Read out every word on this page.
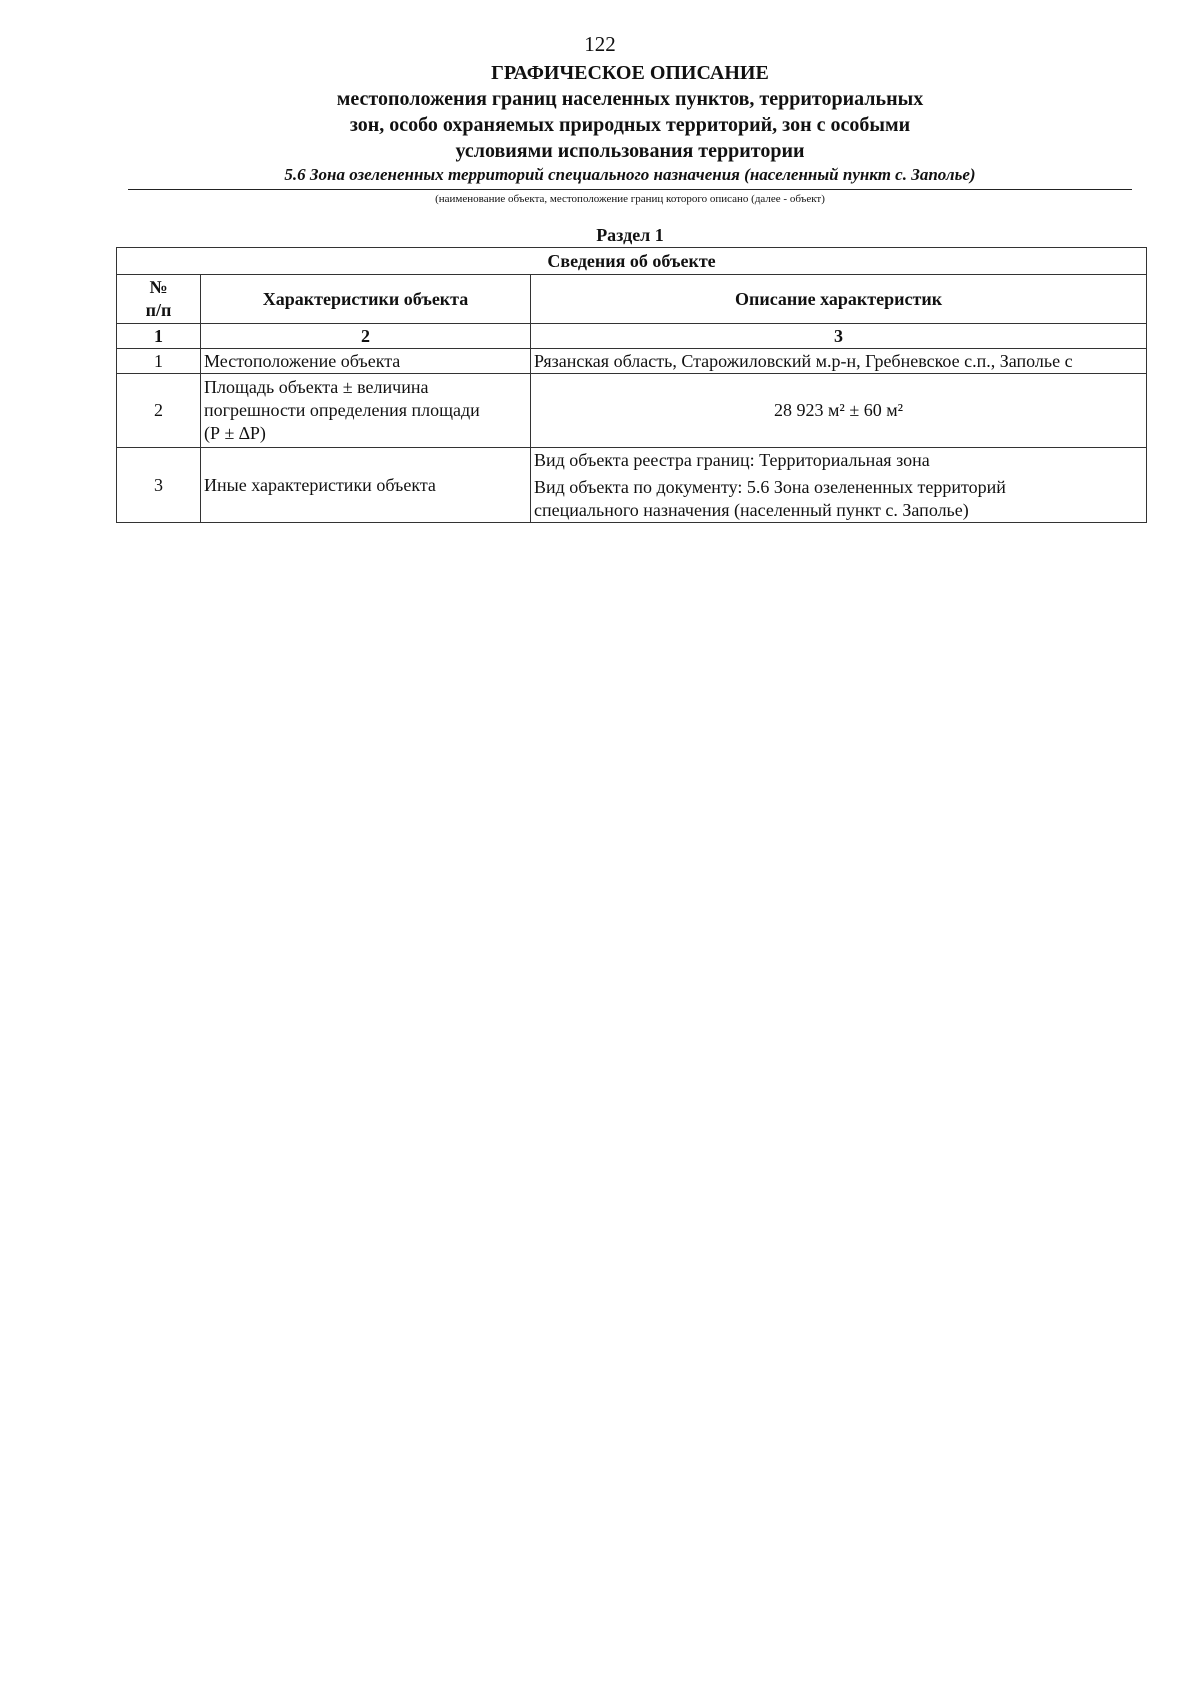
122
ГРАФИЧЕСКОЕ ОПИСАНИЕ
местоположения границ населенных пунктов, территориальных
зон, особо охраняемых природных территорий, зон с особыми
условиями использования территории
5.6 Зона озелененных территорий специального назначения (населенный пункт с. Заполье)
(наименование объекта, местоположение границ которого описано (далее - объект)
Раздел 1
Сведения об объекте		

№
п/п	Характеристики объекта	Описание характеристик
1	2	3
1	Местоположение объекта	Рязанская область, Старожиловский м.р-н, Гребневское с.п., Заполье с
2	Площадь объекта ± величина
погрешности определения площади
(Р ± ∆Р)	28 923 м² ± 60 м²
3	Иные характеристики объекта	Вид объекта реестра границ: Территориальная зона
Вид объекта по документу: 5.6 Зона озелененных территорий
специального назначения (населенный пункт с. Заполье)
